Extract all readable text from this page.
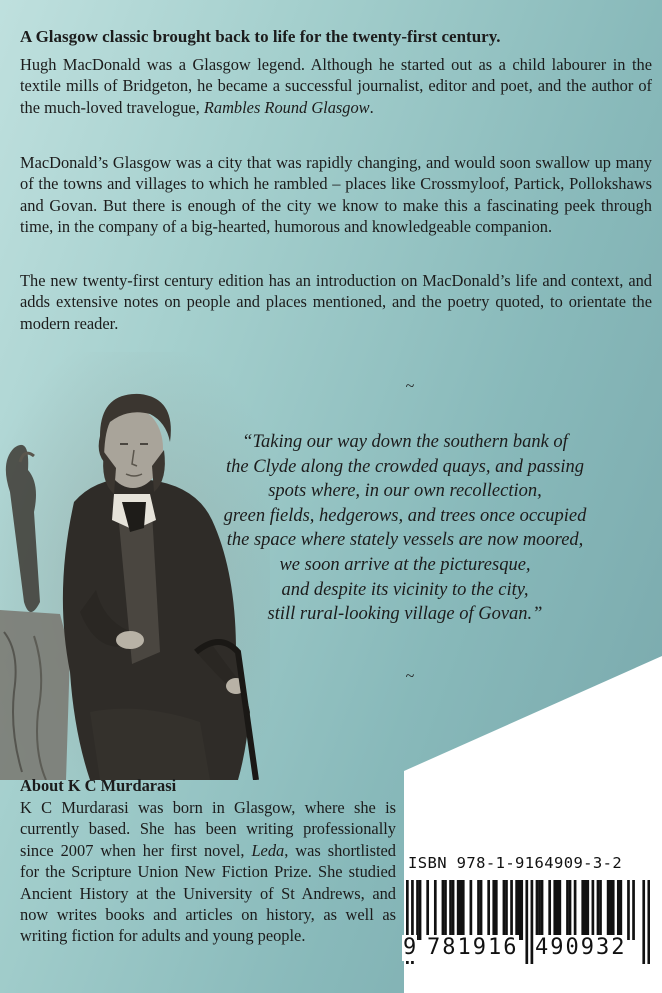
A Glasgow classic brought back to life for the twenty-first century.

Hugh MacDonald was a Glasgow legend. Although he started out as a child labourer in the textile mills of Bridgeton, he became a successful journalist, editor and poet, and the author of the much-loved travelogue, Rambles Round Glasgow.

MacDonald’s Glasgow was a city that was rapidly changing, and would soon swallow up many of the towns and villages to which he rambled – places like Crossmyloof, Partick, Pollokshaws and Govan. But there is enough of the city we know to make this a fascinating peek through time, in the company of a big-hearted, humorous and knowledgeable companion.

The new twenty-first century edition has an introduction on MacDonald’s life and context, and adds extensive notes on people and places mentioned, and the poetry quoted, to orientate the modern reader.

~
“Taking our way down the southern bank of
the Clyde along the crowded quays, and passing
spots where, in our own recollection,
green fields, hedgerows, and trees once occupied
the space where stately vessels are now moored,
we soon arrive at the picturesque,
and despite its vicinity to the city,
still rural-looking village of Govan.”
~

About K C Murdarasi

K C Murdarasi was born in Glasgow, where she is currently based. She has been writing professionally since 2007 when her first novel, Leda, was shortlisted for the Scripture Union New Fiction Prize. She studied Ancient History at the University of St Andrews, and now writes books and articles on history, as well as writing fiction for adults and young people.

ISBN 978-1-9164909-3-2
9 781916 490932
